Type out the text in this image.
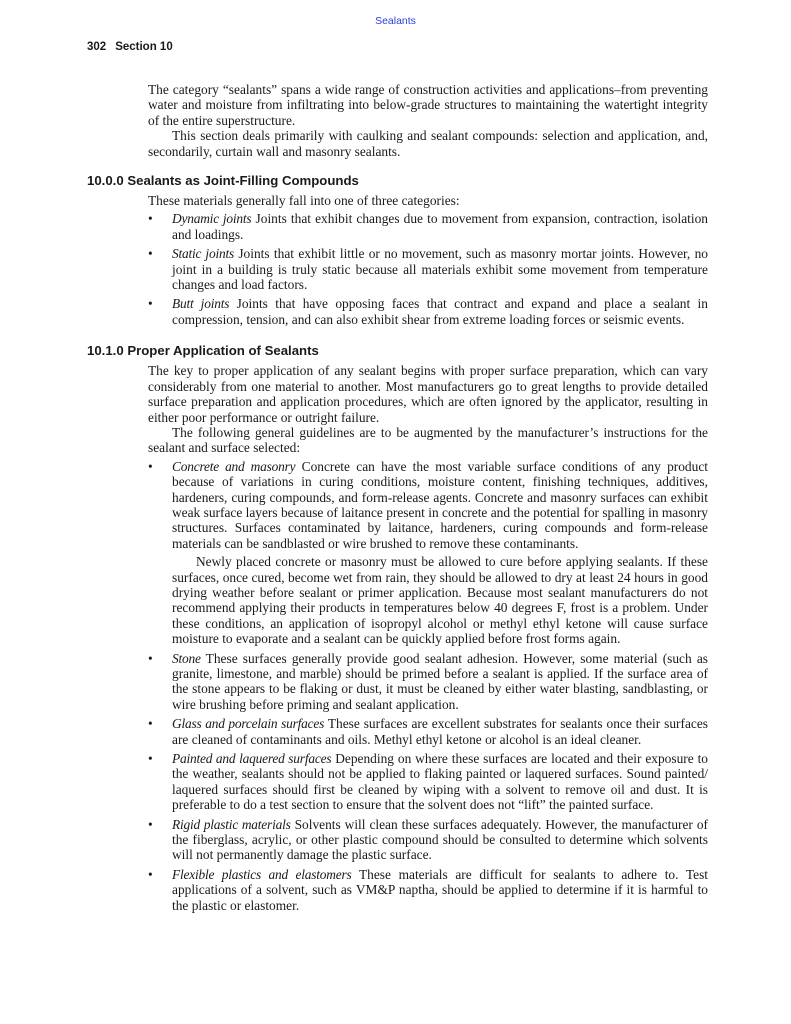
Sealants
302 Section 10

The category “sealants” spans a wide range of construction activities and applications–from preventing water and moisture from infiltrating into below-grade structures to maintaining the watertight integrity of the entire superstructure.

This section deals primarily with caulking and sealant compounds: selection and application, and, secondarily, curtain wall and masonry sealants.

10.0.0 Sealants as Joint-Filling Compounds

These materials generally fall into one of three categories:

• Dynamic joints Joints that exhibit changes due to movement from expansion, contraction, isolation and loadings.
• Static joints Joints that exhibit little or no movement, such as masonry mortar joints. However, no joint in a building is truly static because all materials exhibit some movement from temperature changes and load factors.
• Butt joints Joints that have opposing faces that contract and expand and place a sealant in compression, tension, and can also exhibit shear from extreme loading forces or seismic events.
10.1.0 Proper Application of Sealants

The key to proper application of any sealant begins with proper surface preparation, which can vary considerably from one material to another. Most manufacturers go to great lengths to provide detailed surface preparation and application procedures, which are often ignored by the applicator, resulting in either poor performance or outright failure.

The following general guidelines are to be augmented by the manufacturer’s instructions for the sealant and surface selected:

• Concrete and masonry Concrete can have the most variable surface conditions of any product because of variations in curing conditions, moisture content, finishing techniques, additives, hardeners, curing compounds, and form-release agents. Concrete and masonry surfaces can exhibit weak surface layers because of laitance present in concrete and the potential for spalling in masonry structures. Surfaces contaminated by laitance, hardeners, curing compounds and form-release materials can be sandblasted or wire brushed to remove these contaminants.

Newly placed concrete or masonry must be allowed to cure before applying sealants. If these surfaces, once cured, become wet from rain, they should be allowed to dry at least 24 hours in good drying weather before sealant or primer application. Because most sealant manufacturers do not recommend applying their products in temperatures below 40 degrees F, frost is a problem. Under these conditions, an application of isopropyl alcohol or methyl ethyl ketone will cause surface moisture to evaporate and a sealant can be quickly applied before frost forms again.

• Stone These surfaces generally provide good sealant adhesion. However, some material (such as granite, limestone, and marble) should be primed before a sealant is applied. If the surface area of the stone appears to be flaking or dust, it must be cleaned by either water blasting, sandblasting, or wire brushing before priming and sealant application.
• Glass and porcelain surfaces These surfaces are excellent substrates for sealants once their surfaces are cleaned of contaminants and oils. Methyl ethyl ketone or alcohol is an ideal cleaner.
• Painted and laquered surfaces Depending on where these surfaces are located and their exposure to the weather, sealants should not be applied to flaking painted or laquered surfaces. Sound painted/ laquered surfaces should first be cleaned by wiping with a solvent to remove oil and dust. It is preferable to do a test section to ensure that the solvent does not “lift” the painted surface.
• Rigid plastic materials Solvents will clean these surfaces adequately. However, the manufacturer of the fiberglass, acrylic, or other plastic compound should be consulted to determine which solvents will not permanently damage the plastic surface.
• Flexible plastics and elastomers These materials are difficult for sealants to adhere to. Test applications of a solvent, such as VM&P naptha, should be applied to determine if it is harmful to the plastic or elastomer.
